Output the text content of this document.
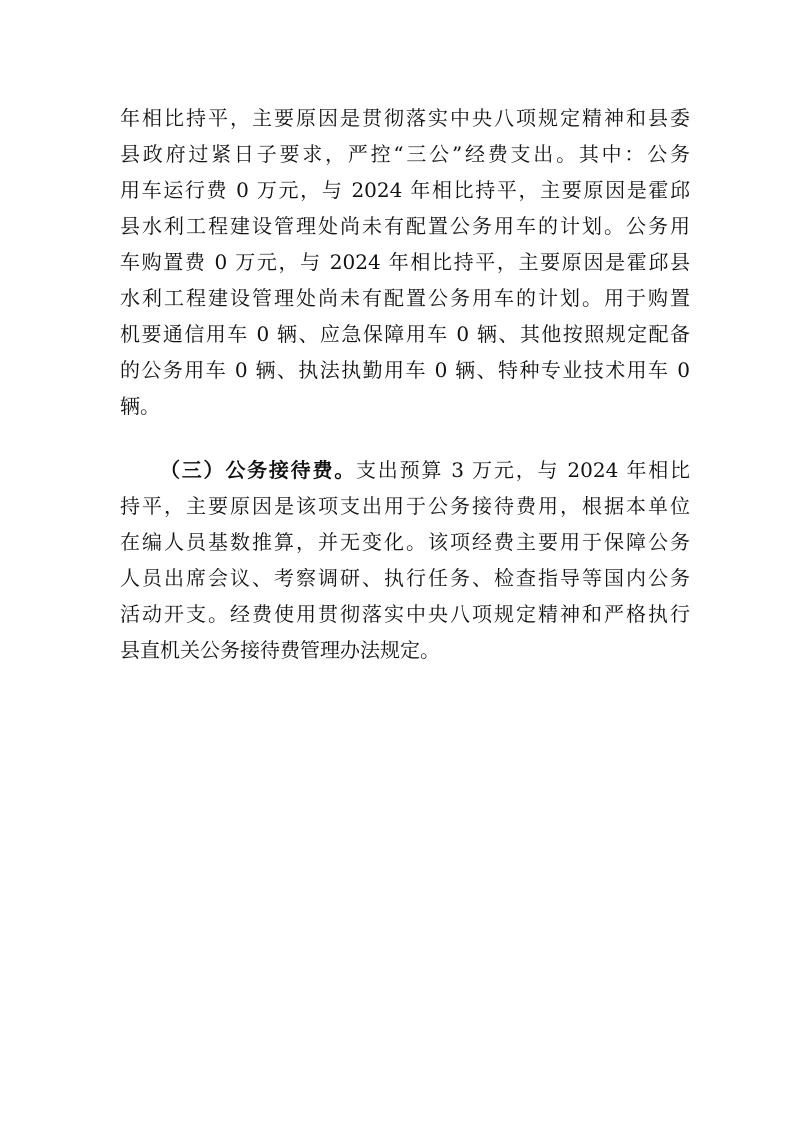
年相比持平，主要原因是贯彻落实中央八项规定精神和县委
县政府过紧日子要求，严控“三公”经费支出。其中：公务
用车运行费 0 万元，与 2024 年相比持平，主要原因是霍邱
县水利工程建设管理处尚未有配置公务用车的计划。公务用
车购置费 0 万元，与 2024 年相比持平，主要原因是霍邱县
水利工程建设管理处尚未有配置公务用车的计划。用于购置
机要通信用车 0 辆、应急保障用车 0 辆、其他按照规定配备
的公务用车 0 辆、执法执勤用车 0 辆、特种专业技术用车 0
辆。
（三）公务接待费。支出预算 3 万元，与 2024 年相比
持平，主要原因是该项支出用于公务接待费用，根据本单位
在编人员基数推算，并无变化。该项经费主要用于保障公务
人员出席会议、考察调研、执行任务、检查指导等国内公务
活动开支。经费使用贯彻落实中央八项规定精神和严格执行
县直机关公务接待费管理办法规定。
